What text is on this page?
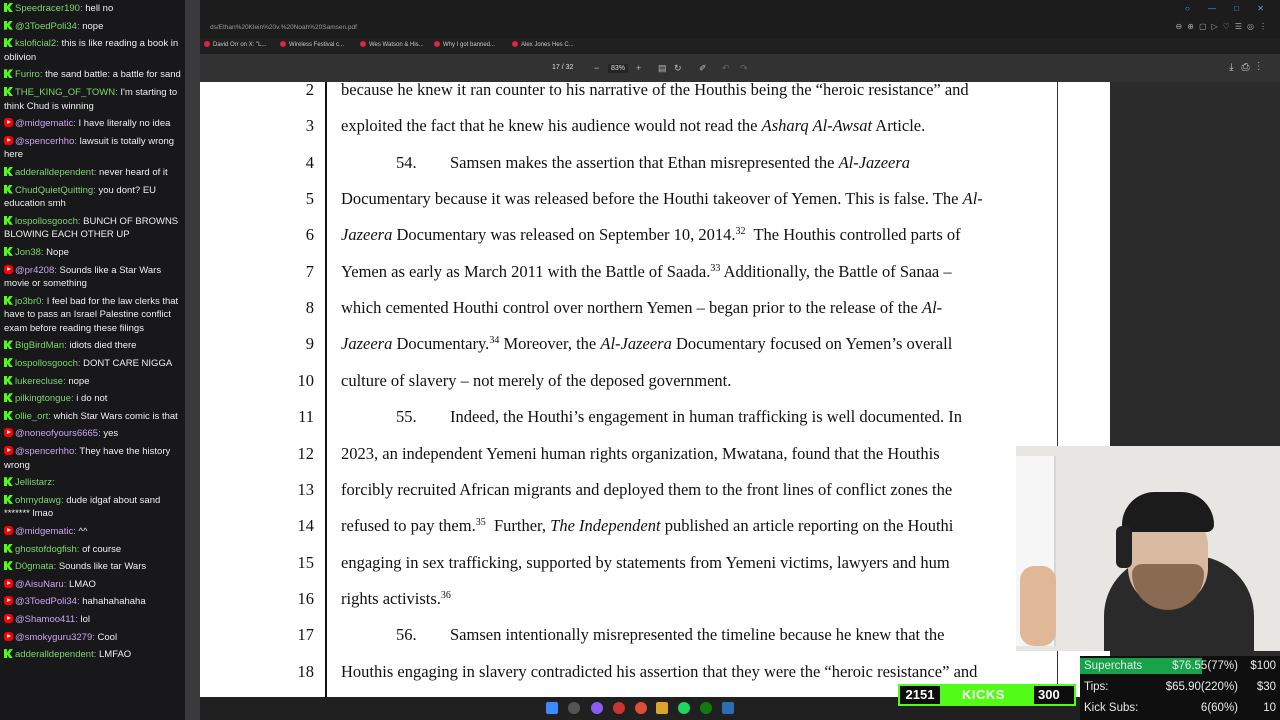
Speedracer190: hell no
@3ToedPoli34: nope
ksloficial2: this is like reading a book in oblivion
Furiro: the sand battle: a battle for sand
THE_KING_OF_TOWN: I'm starting to think Chud is winning
@midgematic: I have literally no idea
@spencerhho: lawsuit is totally wrong here
adderalldependent: never heard of it
ChudQuietQuitting: you dont? EU education smh
lospollosgooch: BUNCH OF BROWNS BLOWING EACH OTHER UP
Jon38: Nope
@pr4208: Sounds like a Star Wars movie or something
jo3br0: I feel bad for the law clerks that have to pass an Israel Palestine conflict exam before reading these filings
BigBirdMan: idiots died there
lospollosgooch: DONT CARE NIGGA
lukerecluse: nope
pilkingtongue: i do not
ollie_ort: which Star Wars comic is that
@noneofyours6665: yes
@spencerhho: They have the history wrong
Jellistarz:
ohmydawg: dude idgaf about sand ******* lmao
@midgematic: ^^
ghostofdogfish: of course
D0gmata: Sounds like tar Wars
@AisuNaru: LMAO
@3ToedPoli34: hahahahahaha
@Shamoo411: lol
@smokyguru3279: Cool
adderalldependent: LMFAO
ds/Ethan%20Klein%20v.%20Noah%20Samsen.pdf
○ — □ ✕
⊖⊕▢▷♡☰◎⋮
David Orr on X: "L...	Wireless Festival c...	Wes Watson & His...	Why I got banned...	Alex Jones Hes C...
17 / 32 −	83%	+ ▤ ↻ ✐ ↶ ↷	⤓⎙⋮
2 because he knew it ran counter to his narrative of the Houthis being the “heroic resistance” and
3 exploited the fact that he knew his audience would not read the Asharq Al-Awsat Article.
4	54. Samsen makes the assertion that Ethan misrepresented the Al-Jazeera
5 Documentary because it was released before the Houthi takeover of Yemen. This is false. The Al-
6 Jazeera Documentary was released on September 10, 2014.32  The Houthis controlled parts of
7 Yemen as early as March 2011 with the Battle of Saada.$^{33}$ Additionally, the Battle of Sanaa –
8 which cemented Houthi control over northern Yemen – began prior to the release of the Al-
9 Jazeera Documentary.$^{34}$ Moreover, the Al-Jazeera Documentary focused on Yemen’s overall
10 culture of slavery – not merely of the deposed government.
11	55. Indeed, the Houthi’s engagement in human trafficking is well documented. In
12 2023, an independent Yemeni human rights organization, Mwatana, found that the Houthis
13 forcibly recruited African migrants and deployed them to the front lines of conflict zones the
14 refused to pay them.$^{35}$  Further, The Independent published an article reporting on the Houthi
15 engaging in sex trafficking, supported by statements from Yemeni victims, lawyers and hum
16 rights activists.$^{36}$
17	56. Samsen intentionally misrepresented the timeline because he knew that the
18 Houthis engaging in slavery contradicted his assertion that they were the “heroic resistance” and
2151	KICKS	300
Superchats	$76.55(77%) $100
Tips:	$65.90(220%) $30
Kick Subs:	6(60%) 10
